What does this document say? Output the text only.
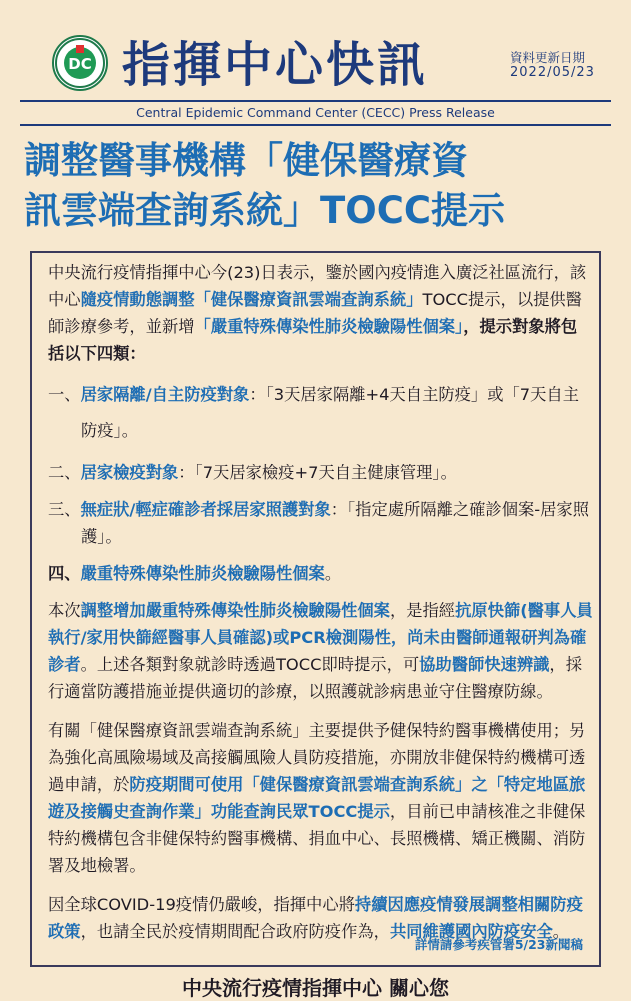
DC 指揮中心快訊	資料更新日期
2022/05/23
Central Epidemic Command Center (CECC) Press Release
調整醫事機構「健保醫療資
訊雲端查詢系統」TOCC提示

中央流行疫情指揮中心今(23)日表示，鑒於國內疫情進入廣泛社區流行，該中心隨疫情動態調整「健保醫療資訊雲端查詢系統」TOCC提示，以提供醫師診療參考，並新增「嚴重特殊傳染性肺炎檢驗陽性個案」，提示對象將包括以下四類：

一、居家隔離/自主防疫對象：「3天居家隔離+4天自主防疫」或「7天自主防疫」。

二、居家檢疫對象：「7天居家檢疫+7天自主健康管理」。

三、無症狀/輕症確診者採居家照護對象：「指定處所隔離之確診個案-居家照護」。

四、嚴重特殊傳染性肺炎檢驗陽性個案。

本次調整增加嚴重特殊傳染性肺炎檢驗陽性個案，是指經抗原快篩(醫事人員執行/家用快篩經醫事人員確認)或PCR檢測陽性，尚未由醫師通報研判為確診者。上述各類對象就診時透過TOCC即時提示，可協助醫師快速辨識，採行適當防護措施並提供適切的診療，以照護就診病患並守住醫療防線。

有關「健保醫療資訊雲端查詢系統」主要提供予健保特約醫事機構使用；另為強化高風險場域及高接觸風險人員防疫措施，亦開放非健保特約機構可透過申請，於防疫期間可使用「健保醫療資訊雲端查詢系統」之「特定地區旅遊及接觸史查詢作業」功能查詢民眾TOCC提示，目前已申請核准之非健保特約機構包含非健保特約醫事機構、捐血中心、長照機構、矯正機關、消防署及地檢署。

因全球COVID-19疫情仍嚴峻，指揮中心將持續因應疫情發展調整相關防疫政策，也請全民於疫情期間配合政府防疫作為，共同維護國內防疫安全。

詳情請參考疾管署5/23新聞稿
中央流行疫情指揮中心 關心您
